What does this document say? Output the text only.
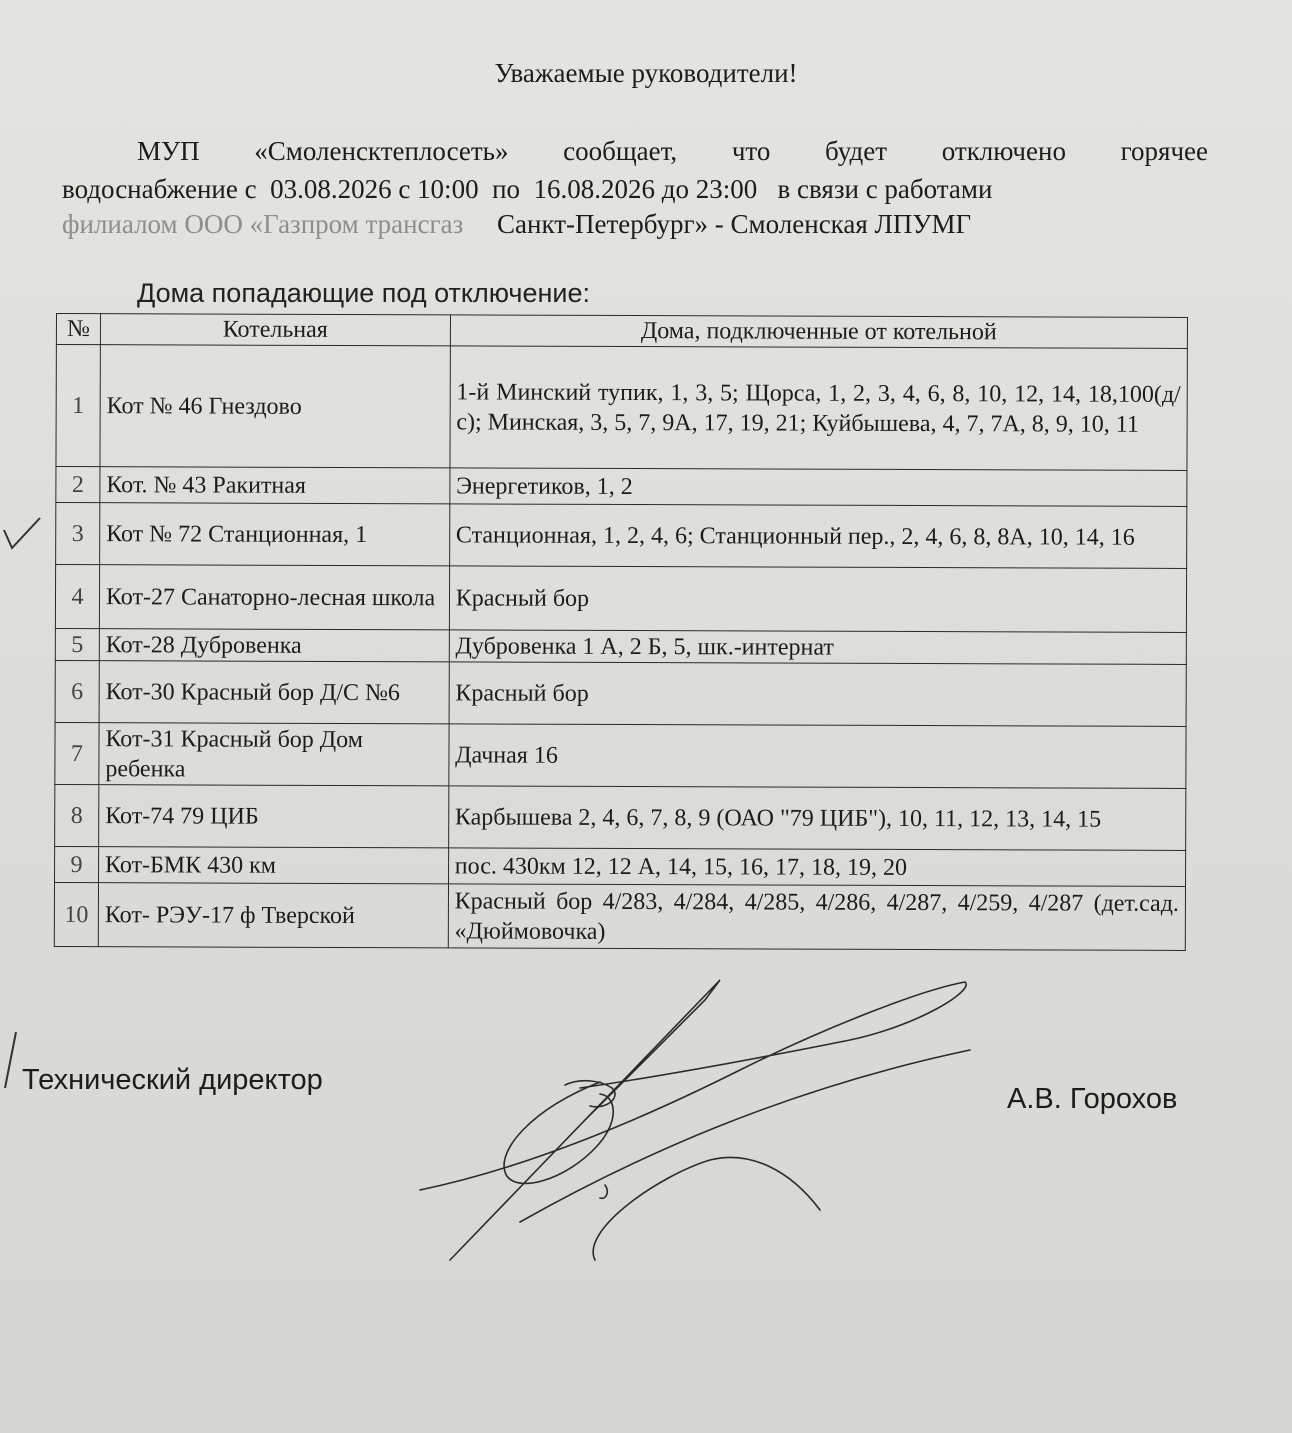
Уважаемые руководители!
МУП «Смоленсктеплосеть» сообщает, что будет отключено горячее
водоснабжение с  03.08.2026 с 10:00  по  16.08.2026 до 23:00   в связи с работами
филиалом ООО «Газпром трансгаз     Санкт-Петербург» - Смоленская ЛПУМГ
Дома попадающие под отключение:
№	Котельная	Дома, подключенные от котельной
1	Кот № 46 Гнездово	1-й Минский тупик, 1, 3, 5; Щорса, 1, 2, 3, 4, 6, 8, 10, 12, 14, 18,100(д/с); Минская, 3, 5, 7, 9А, 17, 19, 21; Куйбышева, 4, 7, 7А, 8, 9, 10, 11
2	Кот. № 43 Ракитная	Энергетиков, 1, 2
3	Кот № 72 Станционная, 1	Станционная, 1, 2, 4, 6; Станционный пер., 2, 4, 6, 8, 8А, 10, 14, 16
4	Кот-27 Санаторно-лесная школа	Красный бор
5	Кот-28 Дубровенка	Дубровенка 1 А, 2 Б, 5, шк.-интернат
6	Кот-30 Красный бор Д/С №6	Красный бор
7	Кот-31 Красный бор Дом ребенка	Дачная 16
8	Кот-74 79 ЦИБ	Карбышева 2, 4, 6, 7, 8, 9 (ОАО "79 ЦИБ"), 10, 11, 12, 13, 14, 15
9	Кот-БМК 430 км	пос. 430км 12, 12 А, 14, 15, 16, 17, 18, 19, 20
10	Кот- РЭУ-17 ф Тверской	Красный бор 4/283, 4/284, 4/285, 4/286, 4/287, 4/259, 4/287 (дет.сад. «Дюймовочка)
Технический директор
А.В. Горохов
